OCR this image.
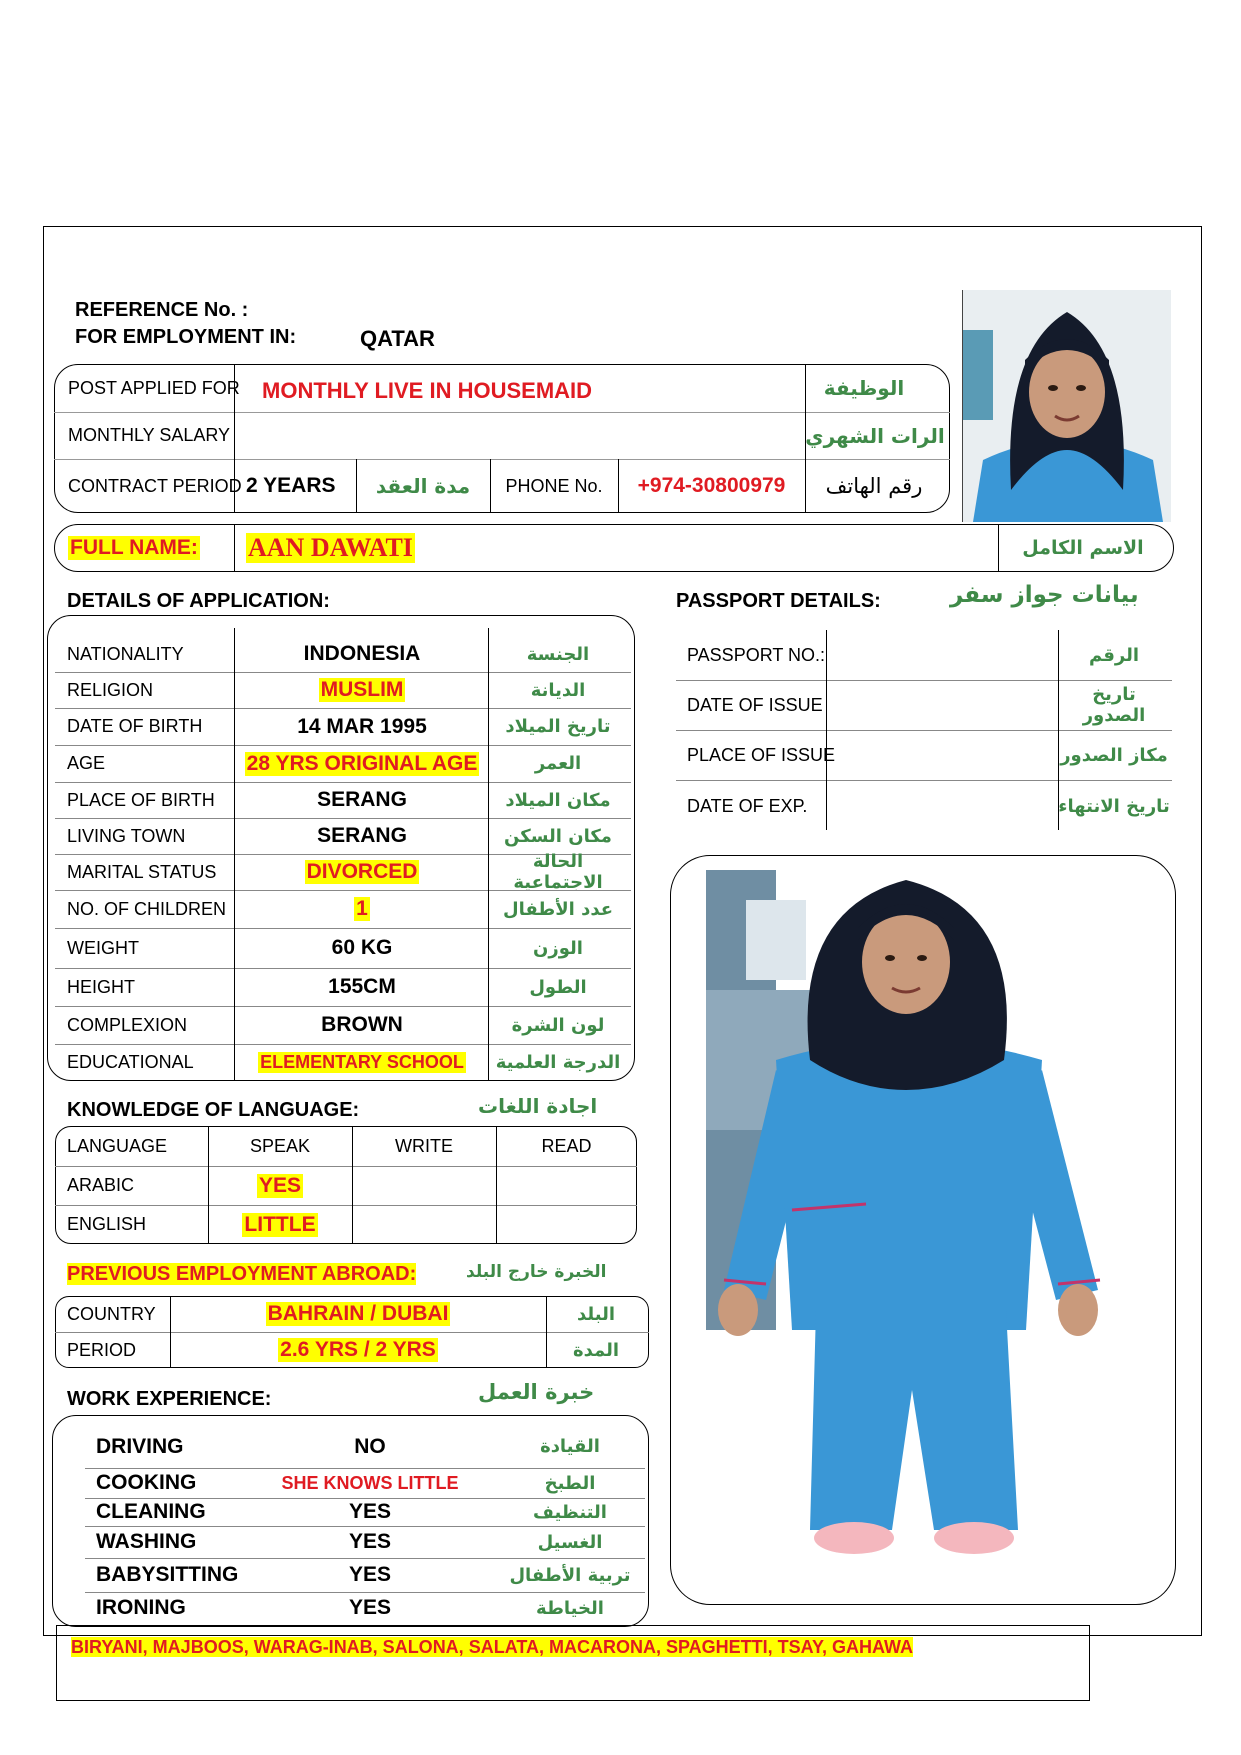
REFERENCE No. :
FOR EMPLOYMENT IN:	QATAR
POST APPLIED FOR MONTHLY LIVE IN HOUSEMAID	الوظيفة
MONTHLY SALARY	الرات الشهري
CONTRACT PERIOD 2 YEARS	مدة العقد	PHONE No.	+974-30800979	رقم الهاتف
FULL NAME: AAN DAWATI	الاسم الكامل
DETAILS OF APPLICATION:
NATIONALITY	INDONESIA	الجنسة
RELIGION	MUSLIM	الديانة
DATE OF BIRTH	14 MAR 1995	تاريخ الميلاد
AGE	28 YRS ORIGINAL AGE	العمر
PLACE OF BIRTH	SERANG	مكان الميلاد
LIVING TOWN	SERANG	مكان السكن
MARITAL STATUS	DIVORCED	الحالة الاجتماعية
NO. OF CHILDREN	1	عدد الأطفال
WEIGHT	60 KG	الوزن
HEIGHT	155CM	الطول
COMPLEXION	BROWN	لون الشرة
EDUCATIONAL	ELEMENTARY SCHOOL	الدرجة العلمية
PASSPORT DETAILS:	بيانات جواز سفر
PASSPORT NO.:	الرقم
DATE OF ISSUE	تاريخ الصدور
PLACE OF ISSUE	مكاز الصدور
DATE OF EXP.	تاريخ الانتهاء
KNOWLEDGE OF LANGUAGE:	اجادة اللغات
LANGUAGE	SPEAK	WRITE	READ
ARABIC	YES
ENGLISH	LITTLE
PREVIOUS EMPLOYMENT ABROAD:	الخبرة خارج البلد
COUNTRY	BAHRAIN / DUBAI	البلد
PERIOD	2.6 YRS / 2 YRS	المدة
WORK EXPERIENCE:	خبرة العمل
DRIVING	NO	القيادة
COOKING	SHE KNOWS LITTLE	الطبخ
CLEANING	YES	التنظيف
WASHING	YES	الغسيل
BABYSITTING	YES	تربية الأطفال
IRONING	YES	الخياطة
BIRYANI, MAJBOOS, WARAG-INAB, SALONA, SALATA, MACARONA, SPAGHETTI, TSAY, GAHAWA
